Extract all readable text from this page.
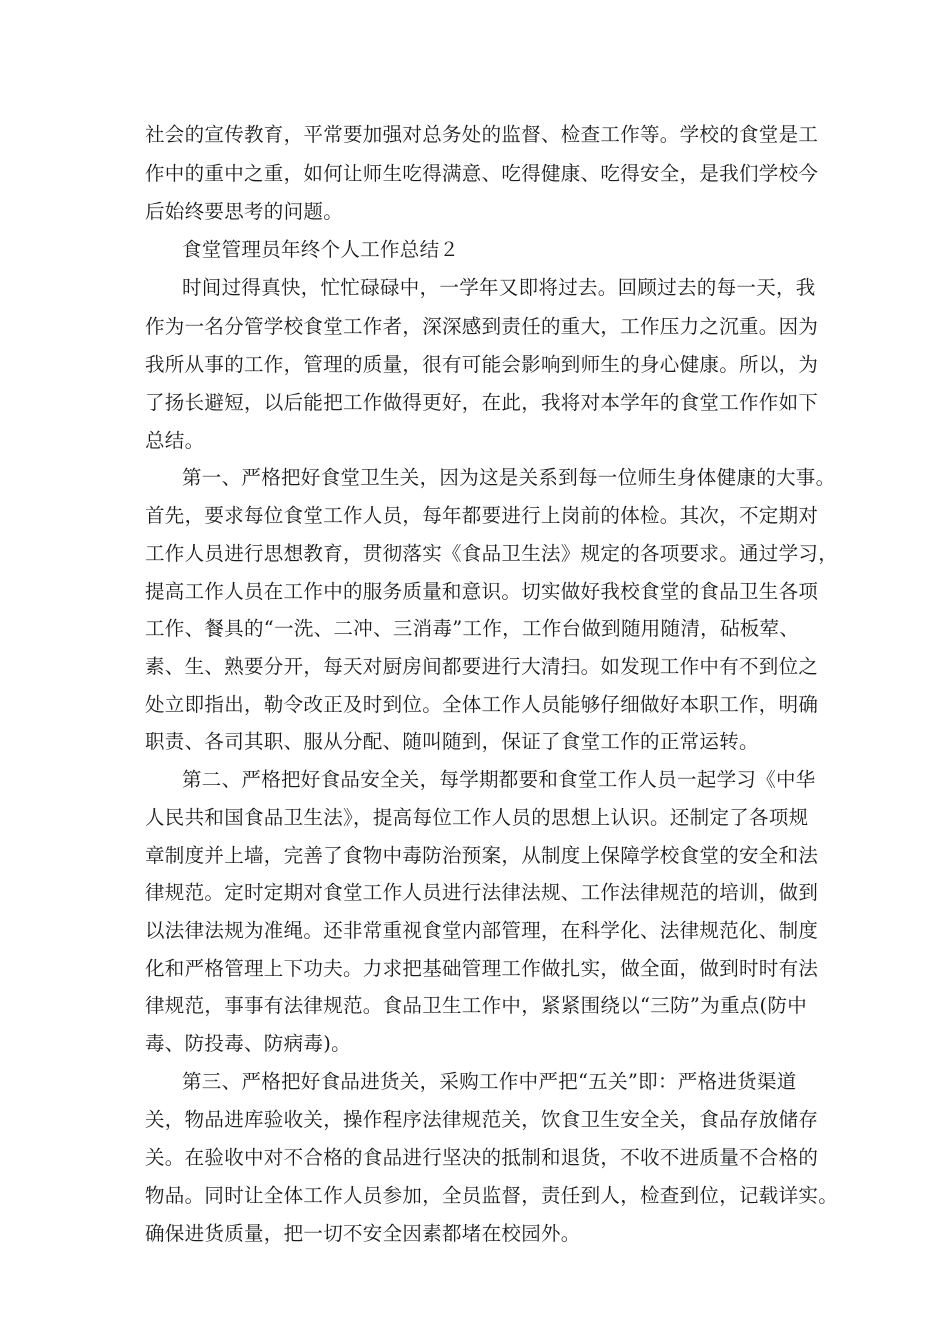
社会的宣传教育，平常要加强对总务处的监督、检查工作等。学校的食堂是工
作中的重中之重，如何让师生吃得满意、吃得健康、吃得安全，是我们学校今
后始终要思考的问题。
食堂管理员年终个人工作总结２
时间过得真快，忙忙碌碌中，一学年又即将过去。回顾过去的每一天，我
作为一名分管学校食堂工作者，深深感到责任的重大，工作压力之沉重。因为
我所从事的工作，管理的质量，很有可能会影响到师生的身心健康。所以，为
了扬长避短，以后能把工作做得更好，在此，我将对本学年的食堂工作作如下
总结。
第一、严格把好食堂卫生关，因为这是关系到每一位师生身体健康的大事。
首先，要求每位食堂工作人员，每年都要进行上岗前的体检。其次，不定期对
工作人员进行思想教育，贯彻落实《食品卫生法》规定的各项要求。通过学习，
提高工作人员在工作中的服务质量和意识。切实做好我校食堂的食品卫生各项
工作、餐具的“一洗、二冲、三消毒”工作，工作台做到随用随清，砧板荤、
素、生、熟要分开，每天对厨房间都要进行大清扫。如发现工作中有不到位之
处立即指出，勒令改正及时到位。全体工作人员能够仔细做好本职工作，明确
职责、各司其职、服从分配、随叫随到，保证了食堂工作的正常运转。
第二、严格把好食品安全关，每学期都要和食堂工作人员一起学习《中华
人民共和国食品卫生法》，提高每位工作人员的思想上认识。还制定了各项规
章制度并上墙，完善了食物中毒防治预案，从制度上保障学校食堂的安全和法
律规范。定时定期对食堂工作人员进行法律法规、工作法律规范的培训，做到
以法律法规为准绳。还非常重视食堂内部管理，在科学化、法律规范化、制度
化和严格管理上下功夫。力求把基础管理工作做扎实，做全面，做到时时有法
律规范，事事有法律规范。食品卫生工作中，紧紧围绕以“三防”为重点(防中
毒、防投毒、防病毒)。
第三、严格把好食品进货关，采购工作中严把“五关”即：严格进货渠道
关，物品进库验收关，操作程序法律规范关，饮食卫生安全关，食品存放储存
关。在验收中对不合格的食品进行坚决的抵制和退货，不收不进质量不合格的
物品。同时让全体工作人员参加，全员监督，责任到人，检查到位，记载详实。
确保进货质量，把一切不安全因素都堵在校园外。
